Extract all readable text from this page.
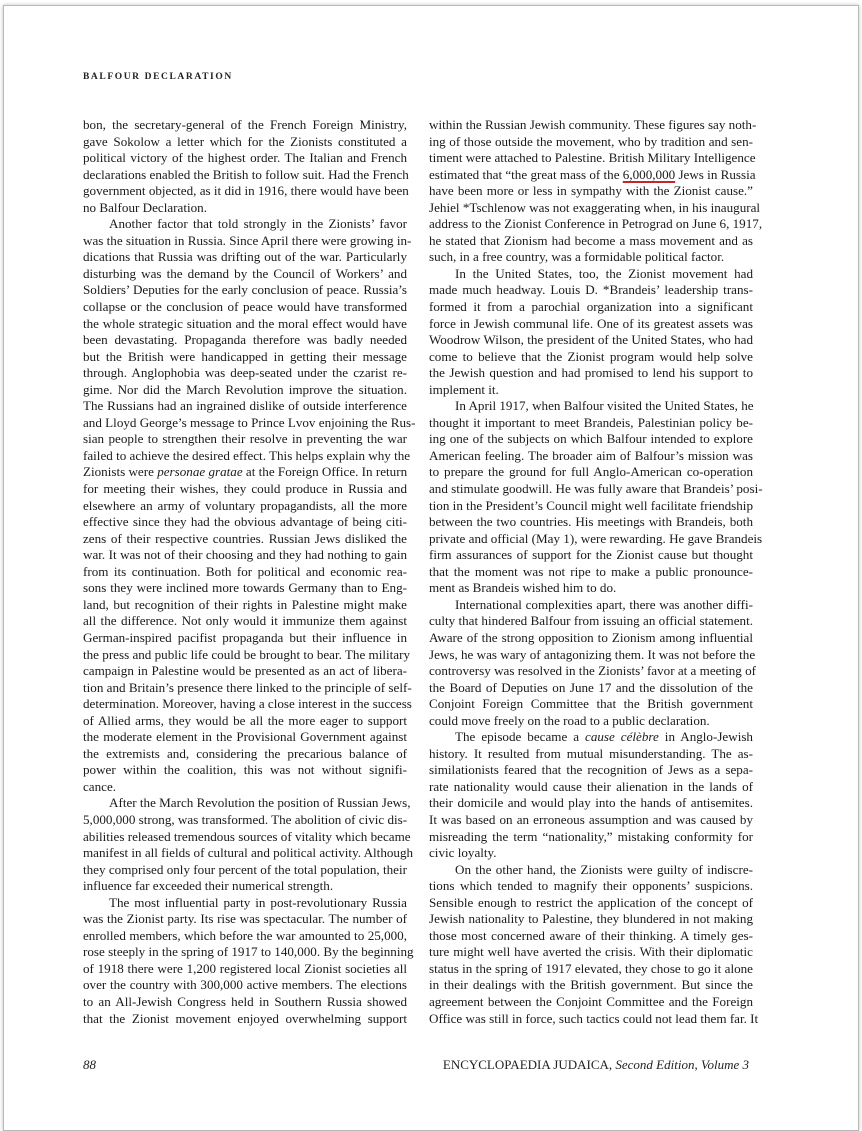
BALFOUR DECLARATION
bon, the secretary-general of the French Foreign Ministry,
gave Sokolow a letter which for the Zionists constituted a
political victory of the highest order. The Italian and French
declarations enabled the British to follow suit. Had the French
government objected, as it did in 1916, there would have been
no Balfour Declaration.
Another factor that told strongly in the Zionists’ favor
was the situation in Russia. Since April there were growing in-
dications that Russia was drifting out of the war. Particularly
disturbing was the demand by the Council of Workers’ and
Soldiers’ Deputies for the early conclusion of peace. Russia’s
collapse or the conclusion of peace would have transformed
the whole strategic situation and the moral effect would have
been devastating. Propaganda therefore was badly needed
but the British were handicapped in getting their message
through. Anglophobia was deep-seated under the czarist re-
gime. Nor did the March Revolution improve the situation.
The Russians had an ingrained dislike of outside interference
and Lloyd George’s message to Prince Lvov enjoining the Rus-
sian people to strengthen their resolve in preventing the war
failed to achieve the desired effect. This helps explain why the
Zionists were personae gratae at the Foreign Office. In return
for meeting their wishes, they could produce in Russia and
elsewhere an army of voluntary propagandists, all the more
effective since they had the obvious advantage of being citi-
zens of their respective countries. Russian Jews disliked the
war. It was not of their choosing and they had nothing to gain
from its continuation. Both for political and economic rea-
sons they were inclined more towards Germany than to Eng-
land, but recognition of their rights in Palestine might make
all the difference. Not only would it immunize them against
German-inspired pacifist propaganda but their influence in
the press and public life could be brought to bear. The military
campaign in Palestine would be presented as an act of libera-
tion and Britain’s presence there linked to the principle of self-
determination. Moreover, having a close interest in the success
of Allied arms, they would be all the more eager to support
the moderate element in the Provisional Government against
the extremists and, considering the precarious balance of
power within the coalition, this was not without signifi-
cance.
After the March Revolution the position of Russian Jews,
5,000,000 strong, was transformed. The abolition of civic dis-
abilities released tremendous sources of vitality which became
manifest in all fields of cultural and political activity. Although
they comprised only four percent of the total population, their
influence far exceeded their numerical strength.
The most influential party in post-revolutionary Russia
was the Zionist party. Its rise was spectacular. The number of
enrolled members, which before the war amounted to 25,000,
rose steeply in the spring of 1917 to 140,000. By the beginning
of 1918 there were 1,200 registered local Zionist societies all
over the country with 300,000 active members. The elections
to an All-Jewish Congress held in Southern Russia showed
that the Zionist movement enjoyed overwhelming support
within the Russian Jewish community. These figures say noth-
ing of those outside the movement, who by tradition and sen-
timent were attached to Palestine. British Military Intelligence
estimated that “the great mass of the 6,000,000 Jews in Russia
have been more or less in sympathy with the Zionist cause.”
Jehiel *Tschlenow was not exaggerating when, in his inaugural
address to the Zionist Conference in Petrograd on June 6, 1917,
he stated that Zionism had become a mass movement and as
such, in a free country, was a formidable political factor.
In the United States, too, the Zionist movement had
made much headway. Louis D. *Brandeis’ leadership trans-
formed it from a parochial organization into a significant
force in Jewish communal life. One of its greatest assets was
Woodrow Wilson, the president of the United States, who had
come to believe that the Zionist program would help solve
the Jewish question and had promised to lend his support to
implement it.
In April 1917, when Balfour visited the United States, he
thought it important to meet Brandeis, Palestinian policy be-
ing one of the subjects on which Balfour intended to explore
American feeling. The broader aim of Balfour’s mission was
to prepare the ground for full Anglo-American co-operation
and stimulate goodwill. He was fully aware that Brandeis’ posi-
tion in the President’s Council might well facilitate friendship
between the two countries. His meetings with Brandeis, both
private and official (May 1), were rewarding. He gave Brandeis
firm assurances of support for the Zionist cause but thought
that the moment was not ripe to make a public pronounce-
ment as Brandeis wished him to do.
International complexities apart, there was another diffi-
culty that hindered Balfour from issuing an official statement.
Aware of the strong opposition to Zionism among influential
Jews, he was wary of antagonizing them. It was not before the
controversy was resolved in the Zionists’ favor at a meeting of
the Board of Deputies on June 17 and the dissolution of the
Conjoint Foreign Committee that the British government
could move freely on the road to a public declaration.
The episode became a cause célèbre in Anglo-Jewish
history. It resulted from mutual misunderstanding. The as-
similationists feared that the recognition of Jews as a sepa-
rate nationality would cause their alienation in the lands of
their domicile and would play into the hands of antisemites.
It was based on an erroneous assumption and was caused by
misreading the term “nationality,” mistaking conformity for
civic loyalty.
On the other hand, the Zionists were guilty of indiscre-
tions which tended to magnify their opponents’ suspicions.
Sensible enough to restrict the application of the concept of
Jewish nationality to Palestine, they blundered in not making
those most concerned aware of their thinking. A timely ges-
ture might well have averted the crisis. With their diplomatic
status in the spring of 1917 elevated, they chose to go it alone
in their dealings with the British government. But since the
agreement between the Conjoint Committee and the Foreign
Office was still in force, such tactics could not lead them far. It
88	ENCYCLOPAEDIA JUDAICA, Second Edition, Volume 3
